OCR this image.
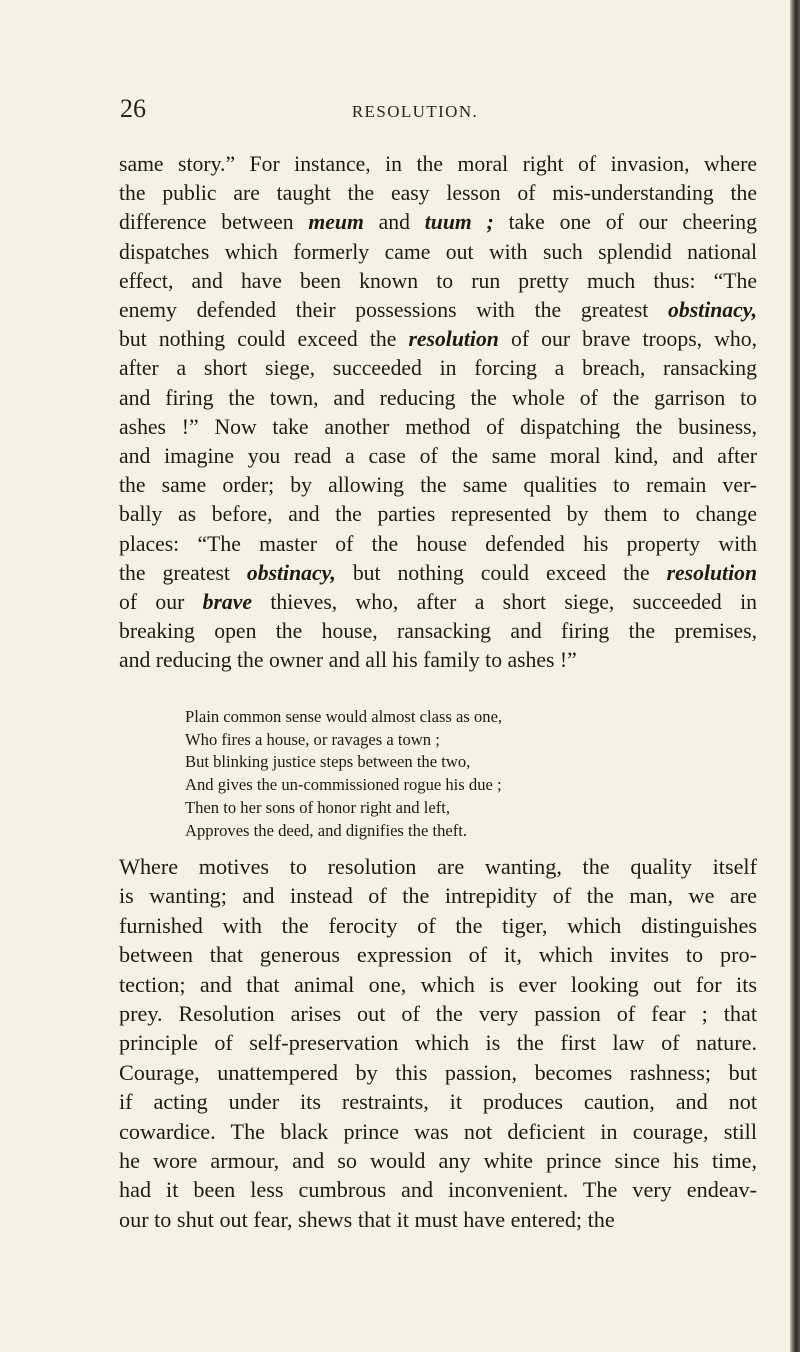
26	RESOLUTION.
same story.” For instance, in the moral right of invasion, where
the public are taught the easy lesson of mis-understanding the
difference between meum and tuum ; take one of our cheering
dispatches which formerly came out with such splendid national
effect, and have been known to run pretty much thus: “The
enemy defended their possessions with the greatest obstinacy,
but nothing could exceed the resolution of our brave troops, who,
after a short siege, succeeded in forcing a breach, ransacking
and firing the town, and reducing the whole of the garrison to
ashes !” Now take another method of dispatching the business,
and imagine you read a case of the same moral kind, and after
the same order; by allowing the same qualities to remain ver-
bally as before, and the parties represented by them to change
places: “The master of the house defended his property with
the greatest obstinacy, but nothing could exceed the resolution
of our brave thieves, who, after a short siege, succeeded in
breaking open the house, ransacking and firing the premises,
and reducing the owner and all his family to ashes !”
Plain common sense would almost class as one,
Who fires a house, or ravages a town ;
But blinking justice steps between the two,
And gives the un-commissioned rogue his due ;
Then to her sons of honor right and left,
Approves the deed, and dignifies the theft.
Where motives to resolution are wanting, the quality itself
is wanting; and instead of the intrepidity of the man, we are
furnished with the ferocity of the tiger, which distinguishes
between that generous expression of it, which invites to pro-
tection; and that animal one, which is ever looking out for its
prey. Resolution arises out of the very passion of fear ; that
principle of self-preservation which is the first law of nature.
Courage, unattempered by this passion, becomes rashness; but
if acting under its restraints, it produces caution, and not
cowardice. The black prince was not deficient in courage, still
he wore armour, and so would any white prince since his time,
had it been less cumbrous and inconvenient. The very endeav-
our to shut out fear, shews that it must have entered; the
